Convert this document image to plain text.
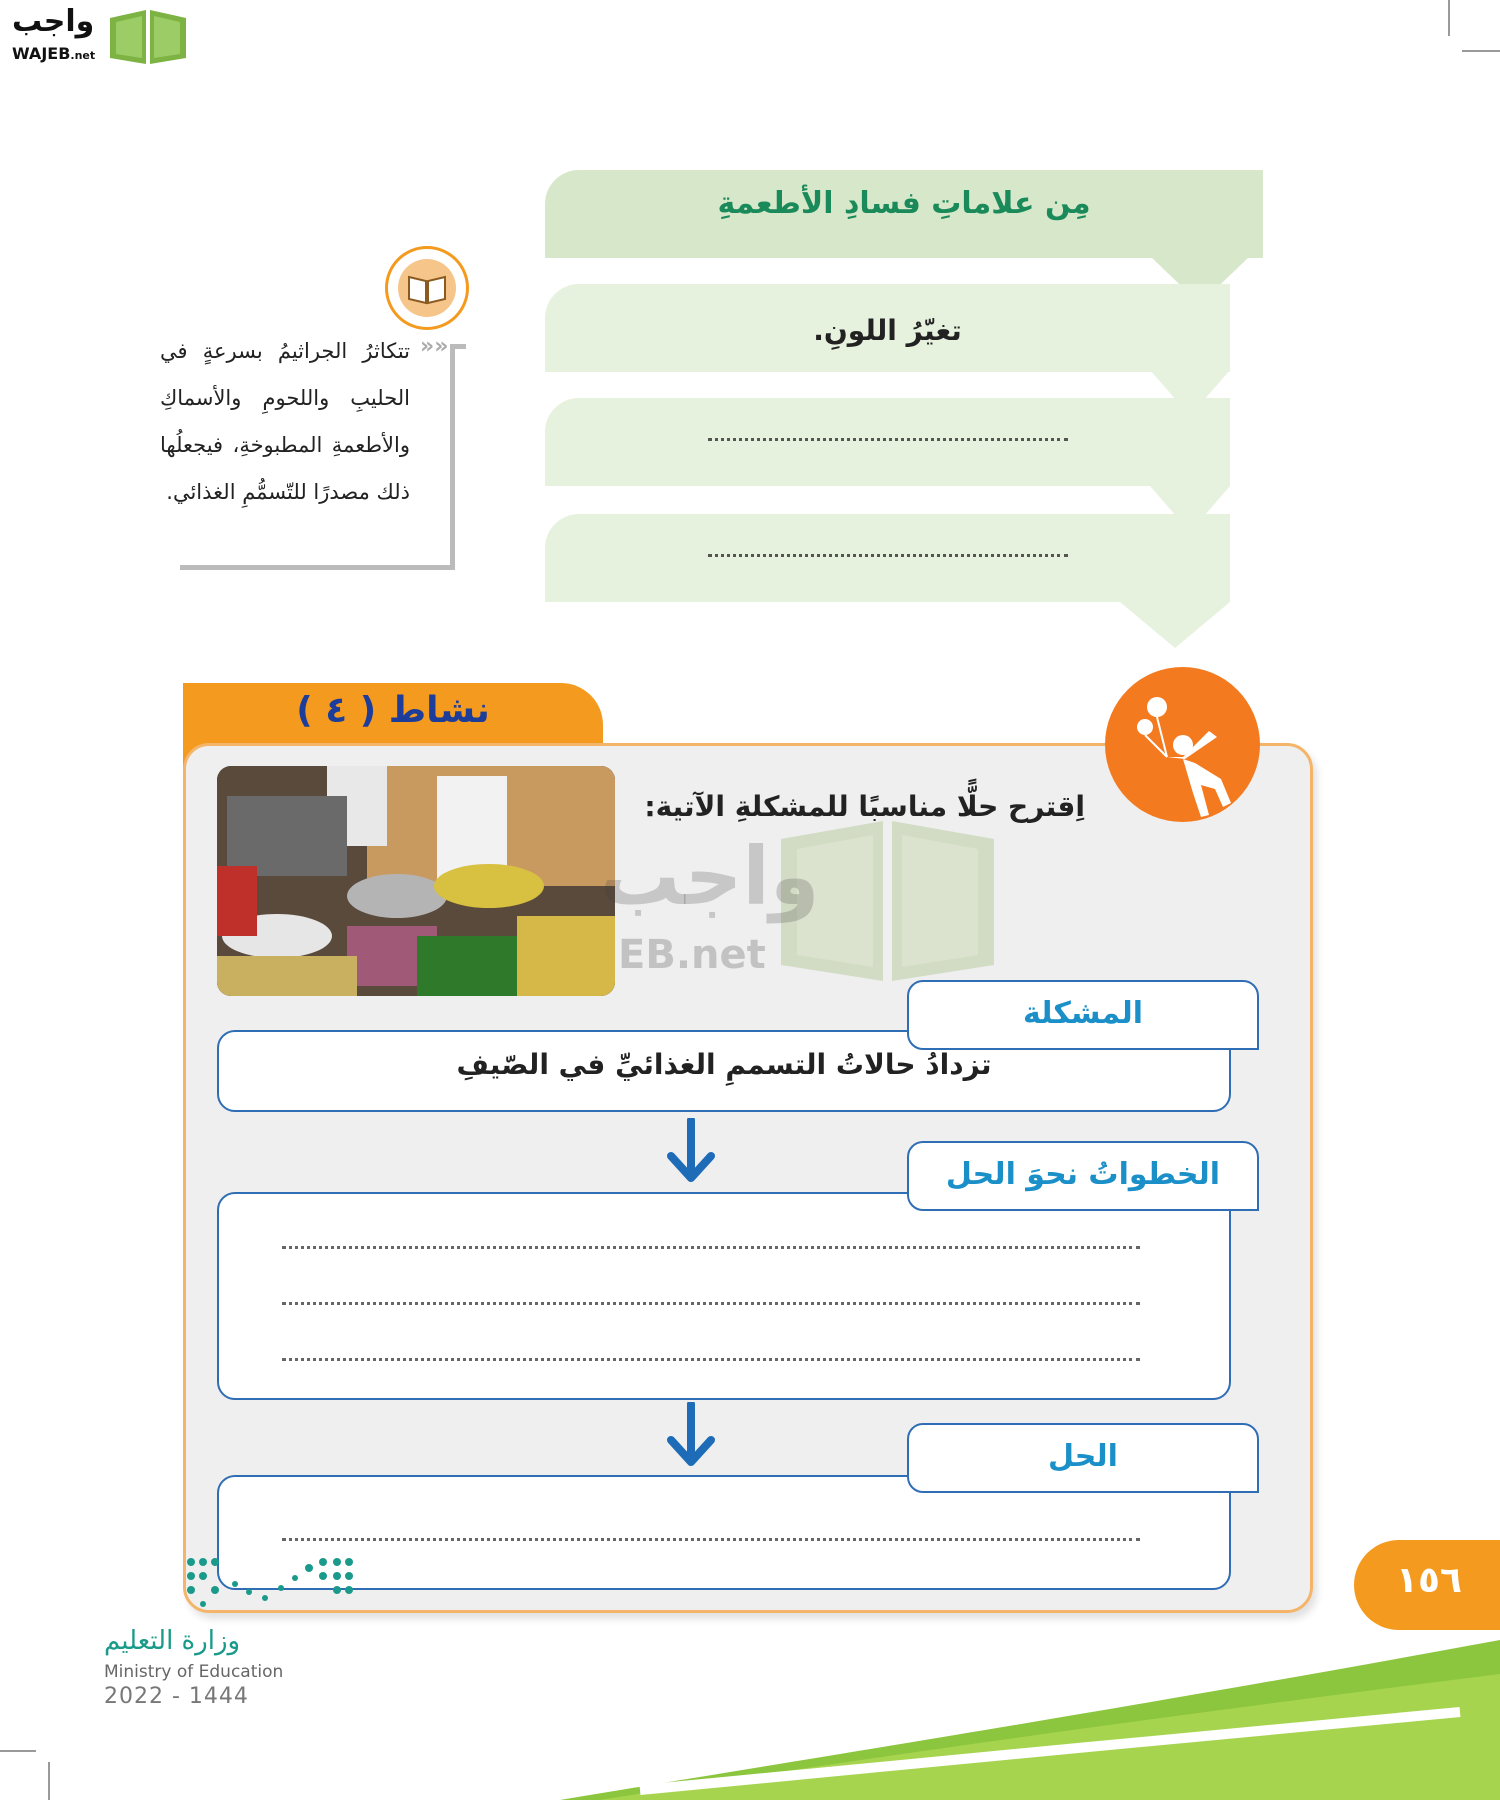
واجب
WAJEB.net
مِن علاماتِ فسادِ الأطعمةِ
تغيّرُ اللونِ.
»»
تتكاثرُ الجراثيمُ بسرعةٍ في الحليبِ واللحومِ والأسماكِ والأطعمةِ المطبوخةِ، فيجعلُها ذلك مصدرًا للتّسمُّمِ الغذائي.
نشاط ( ٤ )
اِقترح حلًّا مناسبًا للمشكلةِ الآتية:
واجب
EB.net
المشكلة
تزدادُ حالاتُ التسممِ الغذائيِّ في الصّيفِ
الخطواتُ نحوَ الحل
الحل
وزارة التعليم
Ministry of Education
2022 - 1444
١٥٦
